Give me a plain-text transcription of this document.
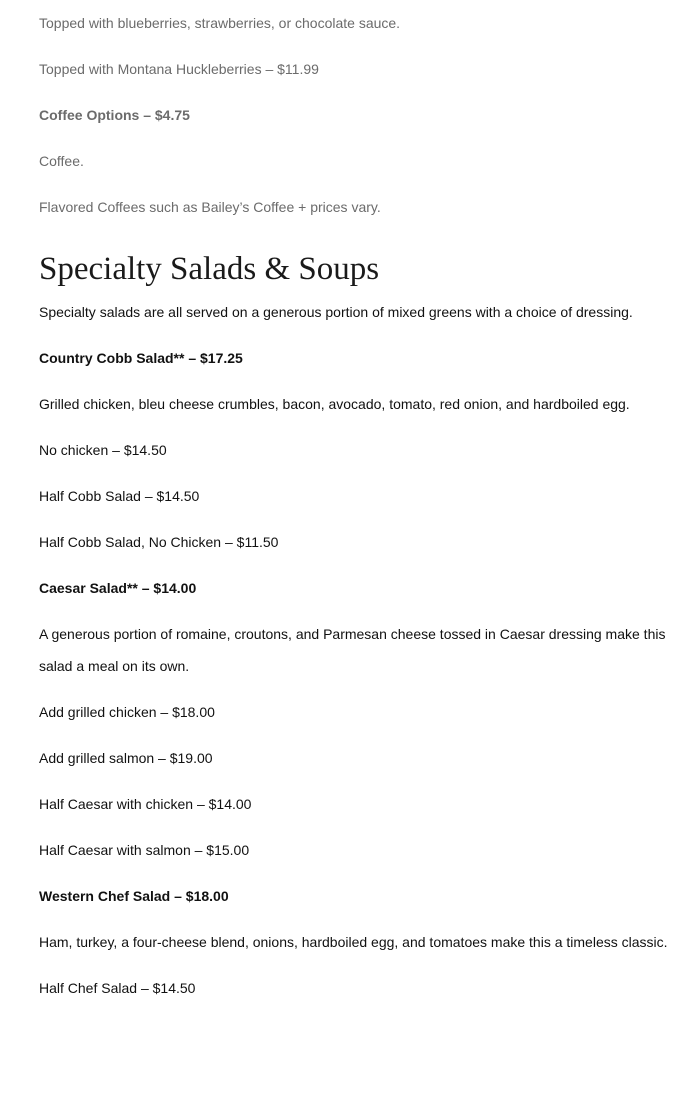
Topped with blueberries, strawberries, or chocolate sauce.

Topped with Montana Huckleberries – $11.99

Coffee Options – $4.75

Coffee.

Flavored Coffees such as Bailey’s Coffee + prices vary.

Specialty Salads & Soups

Specialty salads are all served on a generous portion of mixed greens with a choice of dressing.

Country Cobb Salad** – $17.25

Grilled chicken, bleu cheese crumbles, bacon, avocado, tomato, red onion, and hardboiled egg.

No chicken – $14.50

Half Cobb Salad – $14.50

Half Cobb Salad, No Chicken – $11.50

Caesar Salad** – $14.00

A generous portion of romaine, croutons, and Parmesan cheese tossed in Caesar dressing make this salad a meal on its own.

Add grilled chicken – $18.00

Add grilled salmon – $19.00

Half Caesar with chicken – $14.00

Half Caesar with salmon – $15.00

Western Chef Salad – $18.00

Ham, turkey, a four-cheese blend, onions, hardboiled egg, and tomatoes make this a timeless classic.

Half Chef Salad – $14.50
